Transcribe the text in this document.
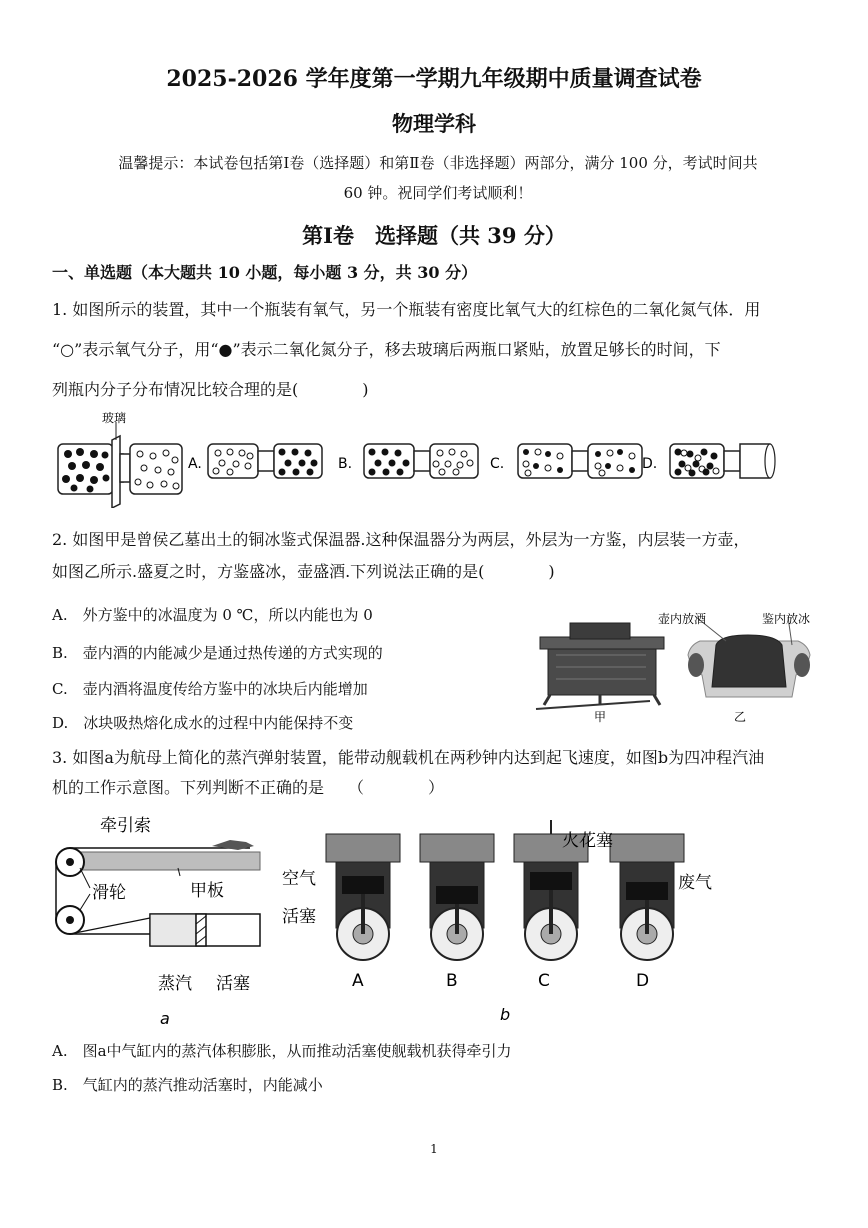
2025-2026 学年度第一学期九年级期中质量调查试卷
物理学科
温馨提示：本试卷包括第Ⅰ卷（选择题）和第Ⅱ卷（非选择题）两部分，满分 100 分，考试时间共
60 钟。祝同学们考试顺利！
第Ⅰ卷　选择题（共 39 分）
一、单选题（本大题共 10 小题，每小题 3 分，共 30 分）
1. 如图所示的装置，其中一个瓶装有氧气，另一个瓶装有密度比氧气大的红棕色的二氧化氮气体．用
“○”表示氧气分子，用“●”表示二氧化氮分子，移去玻璃后两瓶口紧贴，放置足够长的时间，下
列瓶内分子分布情况比较合理的是(　　　　)
玻璃
A.	B.	C.	D.
2. 如图甲是曾侯乙墓出土的铜冰鉴式保温器.这种保温器分为两层，外层为一方鉴，内层装一方壶，
如图乙所示.盛夏之时，方鉴盛冰，壶盛酒.下列说法正确的是(　　　　)
A.　外方鉴中的冰温度为 0 ℃，所以内能也为 0
B.　壶内酒的内能减少是通过热传递的方式实现的
C.　壶内酒将温度传给方鉴中的冰块后内能增加
D.　冰块吸热熔化成水的过程中内能保持不变	甲
壶内放酒	鉴内放冰
乙
3. 如图a为航母上简化的蒸汽弹射装置，能带动舰载机在两秒钟内达到起飞速度，如图b为四冲程汽油
机的工作示意图。下列判断不正确的是　　（　　　　）
牵引索
滑轮	甲板
蒸汽 活塞
a
空气
活塞
火花塞
废气
A	B	C	D
b
A.　图a中气缸内的蒸汽体积膨胀，从而推动活塞使舰载机获得牵引力
B.　气缸内的蒸汽推动活塞时，内能减小
1
